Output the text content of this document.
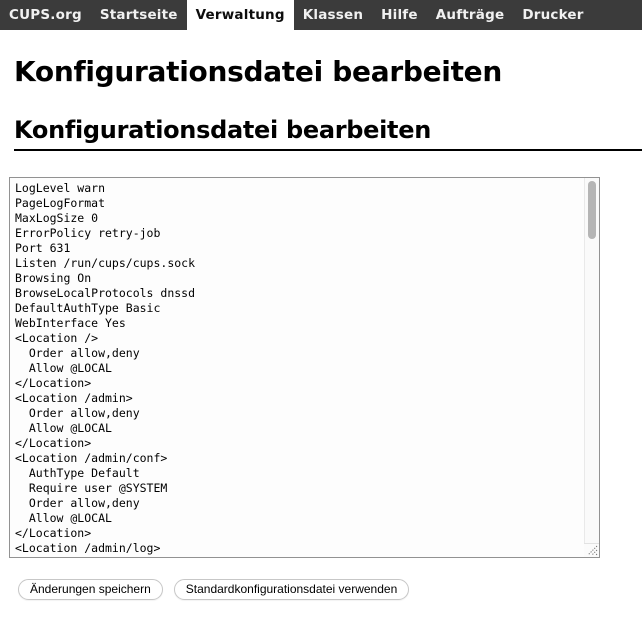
CUPS.org	Startseite	Verwaltung	Klassen	Hilfe	Aufträge	Drucker
Konfigurationsdatei bearbeiten
Konfigurationsdatei bearbeiten
LogLevel warn PageLogFormat MaxLogSize 0 ErrorPolicy retry-job Port 631 Listen /run/cups/cups.sock Browsing On BrowseLocalProtocols dnssd DefaultAuthType Basic WebInterface Yes <Location /> Order allow,deny Allow @LOCAL </Location> <Location /admin> Order allow,deny Allow @LOCAL </Location> <Location /admin/conf> AuthType Default Require user @SYSTEM Order allow,deny Allow @LOCAL </Location> <Location /admin/log>
Änderungen speichern	Standardkonfigurationsdatei verwenden
